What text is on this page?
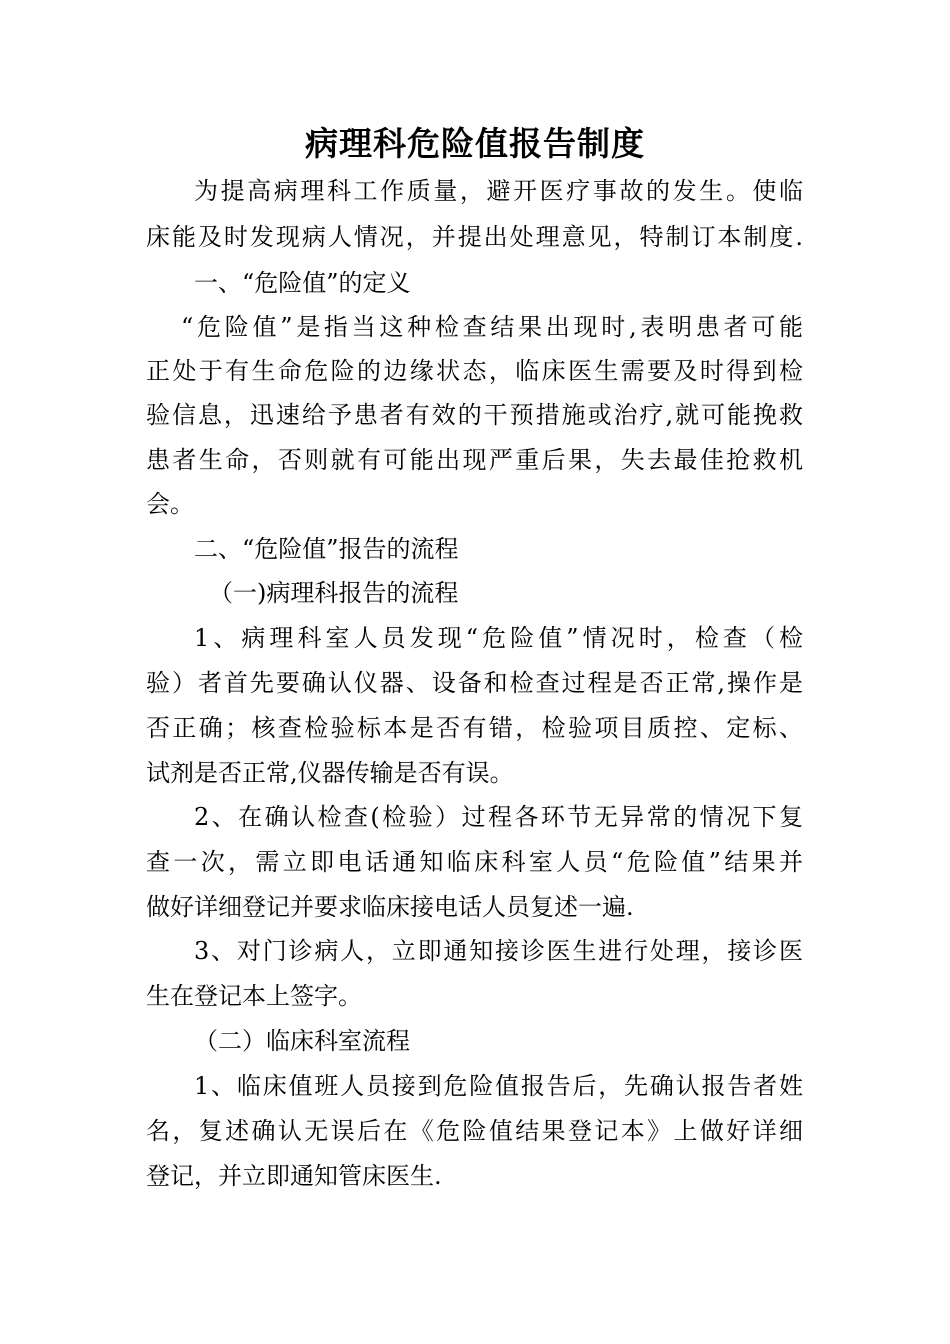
病理科危险值报告制度
为提高病理科工作质量，避开医疗事故的发生。使临
床能及时发现病人情况，并提出处理意见，特制订本制度.
一、“危险值”的定义
“危险值”是指当这种检查结果出现时,表明患者可能
正处于有生命危险的边缘状态，临床医生需要及时得到检
验信息，迅速给予患者有效的干预措施或治疗,就可能挽救
患者生命，否则就有可能出现严重后果，失去最佳抢救机
会。
二、“危险值”报告的流程
（一)病理科报告的流程
1、病理科室人员发现“危险值”情况时，检查（检
验）者首先要确认仪器、设备和检查过程是否正常,操作是
否正确；核查检验标本是否有错，检验项目质控、定标、
试剂是否正常,仪器传输是否有误。
2、在确认检查(检验）过程各环节无异常的情况下复
查一次，需立即电话通知临床科室人员“危险值”结果并
做好详细登记并要求临床接电话人员复述一遍.
3、对门诊病人，立即通知接诊医生进行处理，接诊医
生在登记本上签字。
（二）临床科室流程
1、临床值班人员接到危险值报告后，先确认报告者姓
名，复述确认无误后在《危险值结果登记本》上做好详细
登记，并立即通知管床医生.
